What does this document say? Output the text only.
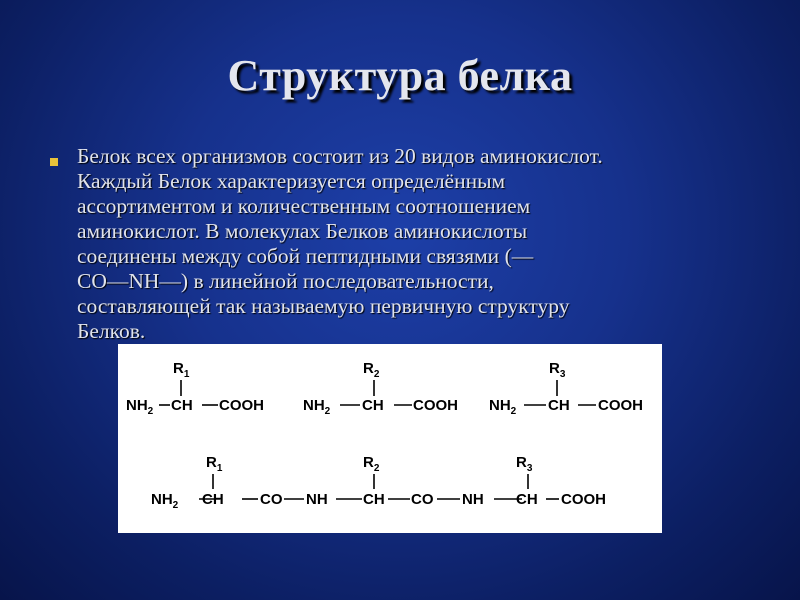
Структура белка
Белок всех организмов состоит из 20 видов аминокислот.
Каждый Белок характеризуется определённым
ассортиментом и количественным соотношением
аминокислот. В молекулах Белков аминокислоты
соединены между собой пептидными связями (—
CO—NH—) в линейной последовательности,
составляющей так называемую первичную структуру
Белков.
$R_1$
$NH_2$ CH COOH
$R_2$
$NH_2$ CH COOH
$R_3$
$NH_2$ CH COOH
$R_1$	$R_2$	$R_3$
$NH_2$ CH CO NH CH CO NH CH COOH
